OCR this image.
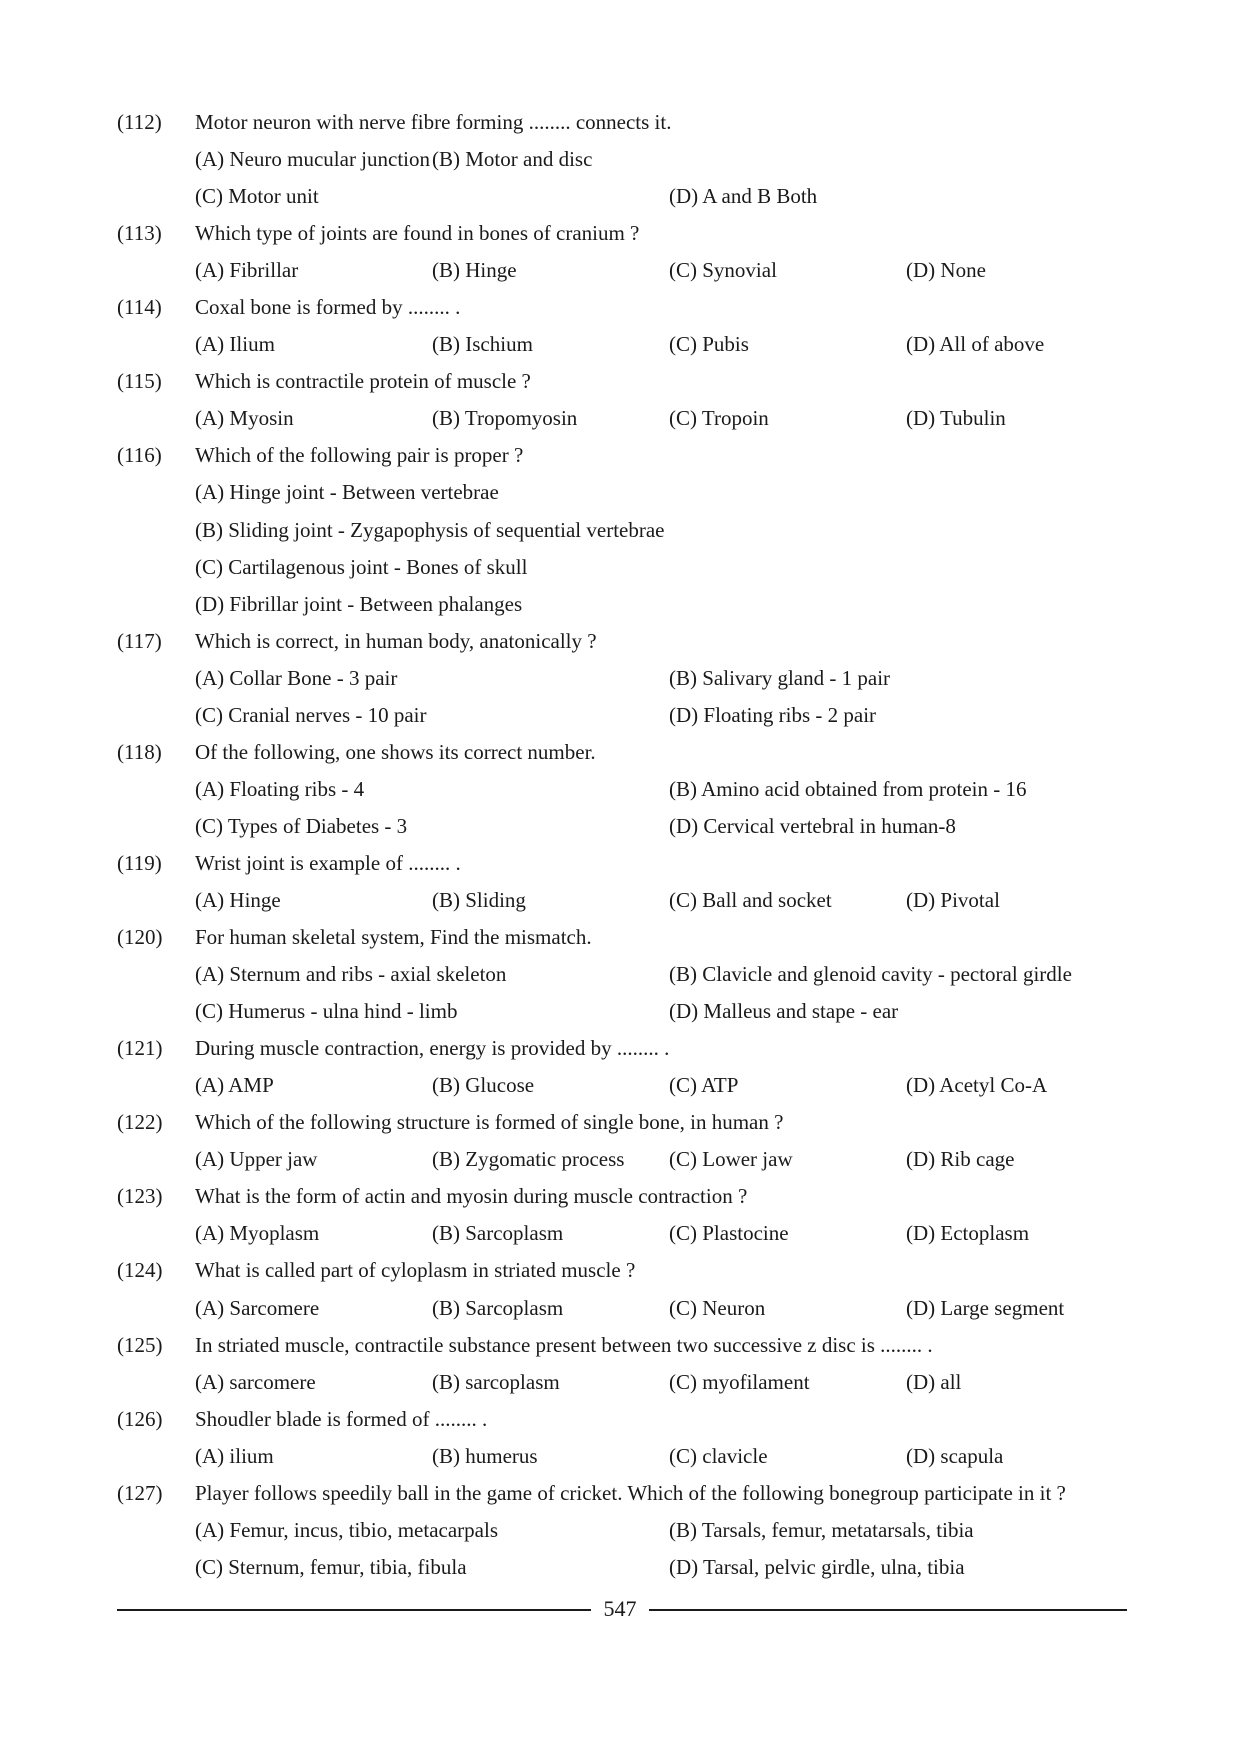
(112) Motor neuron with nerve fibre forming ........ connects it.
(A) Neuro mucular junction (B) Motor and disc
(C) Motor unit	(D) A and B Both
(113) Which type of joints are found in bones of cranium ?
(A) Fibrillar	(B) Hinge	(C) Synovial	(D) None
(114) Coxal bone is formed by ........ .
(A) Ilium	(B) Ischium	(C) Pubis	(D) All of above
(115) Which is contractile protein of muscle ?
(A) Myosin	(B) Tropomyosin	(C) Tropoin	(D) Tubulin
(116) Which of the following pair is proper ?
(A) Hinge joint - Between vertebrae
(B) Sliding joint - Zygapophysis of sequential vertebrae
(C) Cartilagenous joint - Bones of skull
(D) Fibrillar joint - Between phalanges
(117) Which is correct, in human body, anatonically ?
(A) Collar Bone - 3 pair	(B) Salivary gland - 1 pair
(C) Cranial nerves - 10 pair	(D) Floating ribs - 2 pair
(118) Of the following, one shows its correct number.
(A) Floating ribs - 4	(B) Amino acid obtained from protein - 16
(C) Types of Diabetes - 3	(D) Cervical vertebral in human-8
(119) Wrist joint is example of ........ .
(A) Hinge	(B) Sliding	(C) Ball and socket	(D) Pivotal
(120) For human skeletal system, Find the mismatch.
(A) Sternum and ribs - axial skeleton	(B) Clavicle and glenoid cavity - pectoral girdle
(C) Humerus - ulna hind - limb	(D) Malleus and stape - ear
(121) During muscle contraction, energy is provided by ........ .
(A) AMP	(B) Glucose	(C) ATP	(D) Acetyl Co-A
(122) Which of the following structure is formed of single bone, in human ?
(A) Upper jaw	(B) Zygomatic process (C) Lower jaw	(D) Rib cage
(123) What is the form of actin and myosin during muscle contraction ?
(A) Myoplasm	(B) Sarcoplasm	(C) Plastocine	(D) Ectoplasm
(124) What is called part of cyloplasm in striated muscle ?
(A) Sarcomere	(B) Sarcoplasm	(C) Neuron	(D) Large segment
(125) In striated muscle, contractile substance present between two successive z disc is ........ .
(A) sarcomere	(B) sarcoplasm	(C) myofilament	(D) all
(126) Shoudler blade is formed of ........ .
(A) ilium	(B) humerus	(C) clavicle	(D) scapula
(127) Player follows speedily ball in the game of cricket. Which of the following bonegroup participate in it ?
(A) Femur, incus, tibio, metacarpals	(B) Tarsals, femur, metatarsals, tibia
(C) Sternum, femur, tibia, fibula	(D) Tarsal, pelvic girdle, ulna, tibia
547
